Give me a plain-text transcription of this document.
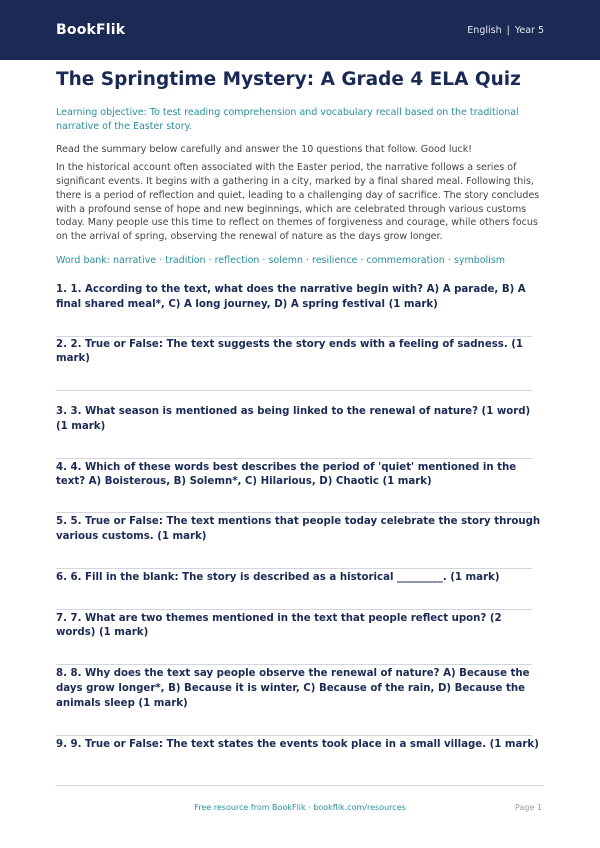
BookFlik	English | Year 5
The Springtime Mystery: A Grade 4 ELA Quiz
Learning objective: To test reading comprehension and vocabulary recall based on the traditional narrative of the Easter story.
Read the summary below carefully and answer the 10 questions that follow. Good luck!
In the historical account often associated with the Easter period, the narrative follows a series of significant events. It begins with a gathering in a city, marked by a final shared meal. Following this, there is a period of reflection and quiet, leading to a challenging day of sacrifice. The story concludes with a profound sense of hope and new beginnings, which are celebrated through various customs today. Many people use this time to reflect on themes of forgiveness and courage, while others focus on the arrival of spring, observing the renewal of nature as the days grow longer.
Word bank: narrative · tradition · reflection · solemn · resilience · commemoration · symbolism
1. 1. According to the text, what does the narrative begin with? A) A parade, B) A final shared meal*, C) A long journey, D) A spring festival (1 mark)
2. 2. True or False: The text suggests the story ends with a feeling of sadness. (1 mark)
3. 3. What season is mentioned as being linked to the renewal of nature? (1 word) (1 mark)
4. 4. Which of these words best describes the period of 'quiet' mentioned in the text? A) Boisterous, B) Solemn*, C) Hilarious, D) Chaotic (1 mark)
5. 5. True or False: The text mentions that people today celebrate the story through various customs. (1 mark)
6. 6. Fill in the blank: The story is described as a historical _________. (1 mark)
7. 7. What are two themes mentioned in the text that people reflect upon? (2 words) (1 mark)
8. 8. Why does the text say people observe the renewal of nature? A) Because the days grow longer*, B) Because it is winter, C) Because of the rain, D) Because the animals sleep (1 mark)
9. 9. True or False: The text states the events took place in a small village. (1 mark)
Free resource from BookFlik · bookflik.com/resources	Page 1
